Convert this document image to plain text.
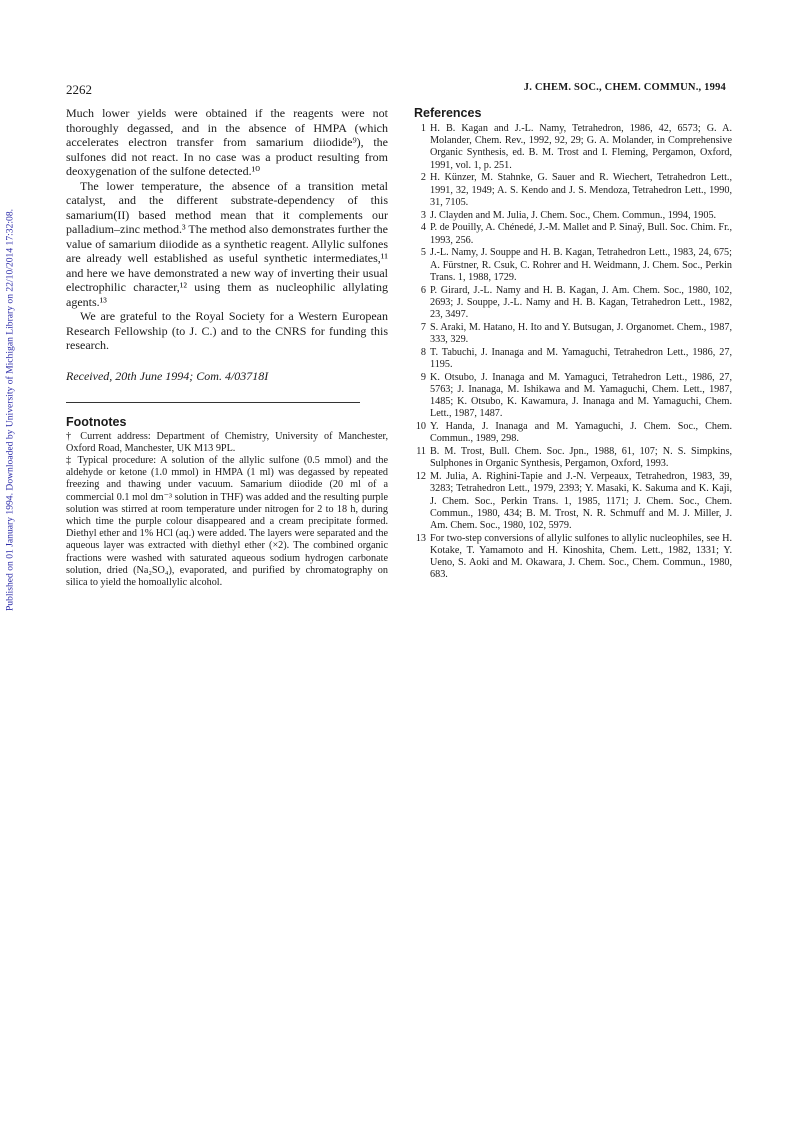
Published on 01 January 1994. Downloaded by University of Michigan Library on 22/10/2014 17:32:08.
2262	J. CHEM. SOC., CHEM. COMMUN., 1994

Much lower yields were obtained if the reagents were not thoroughly degassed, and in the absence of HMPA (which accelerates electron transfer from samarium diiodide⁹), the sulfones did not react. In no case was a product resulting from deoxygenation of the sulfone detected.¹⁰

The lower temperature, the absence of a transition metal catalyst, and the different substrate-dependency of this samarium(II) based method mean that it complements our palladium–zinc method.³ The method also demonstrates further the value of samarium diiodide as a synthetic reagent. Allylic sulfones are already well established as useful synthetic intermediates,¹¹ and here we have demonstrated a new way of inverting their usual electrophilic character,¹² using them as nucleophilic allylating agents.¹³

We are grateful to the Royal Society for a Western European Research Fellowship (to J. C.) and to the CNRS for funding this research.

Received, 20th June 1994; Com. 4/03718I
Footnotes

† Current address: Department of Chemistry, University of Manchester, Oxford Road, Manchester, UK M13 9PL.

‡ Typical procedure: A solution of the allylic sulfone (0.5 mmol) and the aldehyde or ketone (1.0 mmol) in HMPA (1 ml) was degassed by repeated freezing and thawing under vacuum. Samarium diiodide (20 ml of a commercial 0.1 mol dm⁻³ solution in THF) was added and the resulting purple solution was stirred at room temperature under nitrogen for 2 to 18 h, during which time the purple colour disappeared and a cream precipitate formed. Diethyl ether and 1% HCl (aq.) were added. The layers were separated and the aqueous layer was extracted with diethyl ether (×2). The combined organic fractions were washed with saturated aqueous sodium hydrogen carbonate solution, dried (Na₂SO₄), evaporated, and purified by chromatography on silica to yield the homoallylic alcohol.

References
1 H. B. Kagan and J.-L. Namy, Tetrahedron, 1986, 42, 6573; G. A. Molander, Chem. Rev., 1992, 92, 29; G. A. Molander, in Comprehensive Organic Synthesis, ed. B. M. Trost and I. Fleming, Pergamon, Oxford, 1991, vol. 1, p. 251.
2 H. Künzer, M. Stahnke, G. Sauer and R. Wiechert, Tetrahedron Lett., 1991, 32, 1949; A. S. Kendo and J. S. Mendoza, Tetrahedron Lett., 1990, 31, 7105.
3 J. Clayden and M. Julia, J. Chem. Soc., Chem. Commun., 1994, 1905.
4 P. de Pouilly, A. Chénedé, J.-M. Mallet and P. Sinaÿ, Bull. Soc. Chim. Fr., 1993, 256.
5 J.-L. Namy, J. Souppe and H. B. Kagan, Tetrahedron Lett., 1983, 24, 675; A. Fürstner, R. Csuk, C. Rohrer and H. Weidmann, J. Chem. Soc., Perkin Trans. 1, 1988, 1729.
6 P. Girard, J.-L. Namy and H. B. Kagan, J. Am. Chem. Soc., 1980, 102, 2693; J. Souppe, J.-L. Namy and H. B. Kagan, Tetrahedron Lett., 1982, 23, 3497.
7 S. Araki, M. Hatano, H. Ito and Y. Butsugan, J. Organomet. Chem., 1987, 333, 329.
8 T. Tabuchi, J. Inanaga and M. Yamaguchi, Tetrahedron Lett., 1986, 27, 1195.
9 K. Otsubo, J. Inanaga and M. Yamaguci, Tetrahedron Lett., 1986, 27, 5763; J. Inanaga, M. Ishikawa and M. Yamaguchi, Chem. Lett., 1987, 1485; K. Otsubo, K. Kawamura, J. Inanaga and M. Yamaguchi, Chem. Lett., 1987, 1487.
10 Y. Handa, J. Inanaga and M. Yamaguchi, J. Chem. Soc., Chem. Commun., 1989, 298.
11 B. M. Trost, Bull. Chem. Soc. Jpn., 1988, 61, 107; N. S. Simpkins, Sulphones in Organic Synthesis, Pergamon, Oxford, 1993.
12 M. Julia, A. Righini-Tapie and J.-N. Verpeaux, Tetrahedron, 1983, 39, 3283; Tetrahedron Lett., 1979, 2393; Y. Masaki, K. Sakuma and K. Kaji, J. Chem. Soc., Perkin Trans. 1, 1985, 1171; J. Chem. Soc., Chem. Commun., 1980, 434; B. M. Trost, N. R. Schmuff and M. J. Miller, J. Am. Chem. Soc., 1980, 102, 5979.
13 For two-step conversions of allylic sulfones to allylic nucleophiles, see H. Kotake, T. Yamamoto and H. Kinoshita, Chem. Lett., 1982, 1331; Y. Ueno, S. Aoki and M. Okawara, J. Chem. Soc., Chem. Commun., 1980, 683.
